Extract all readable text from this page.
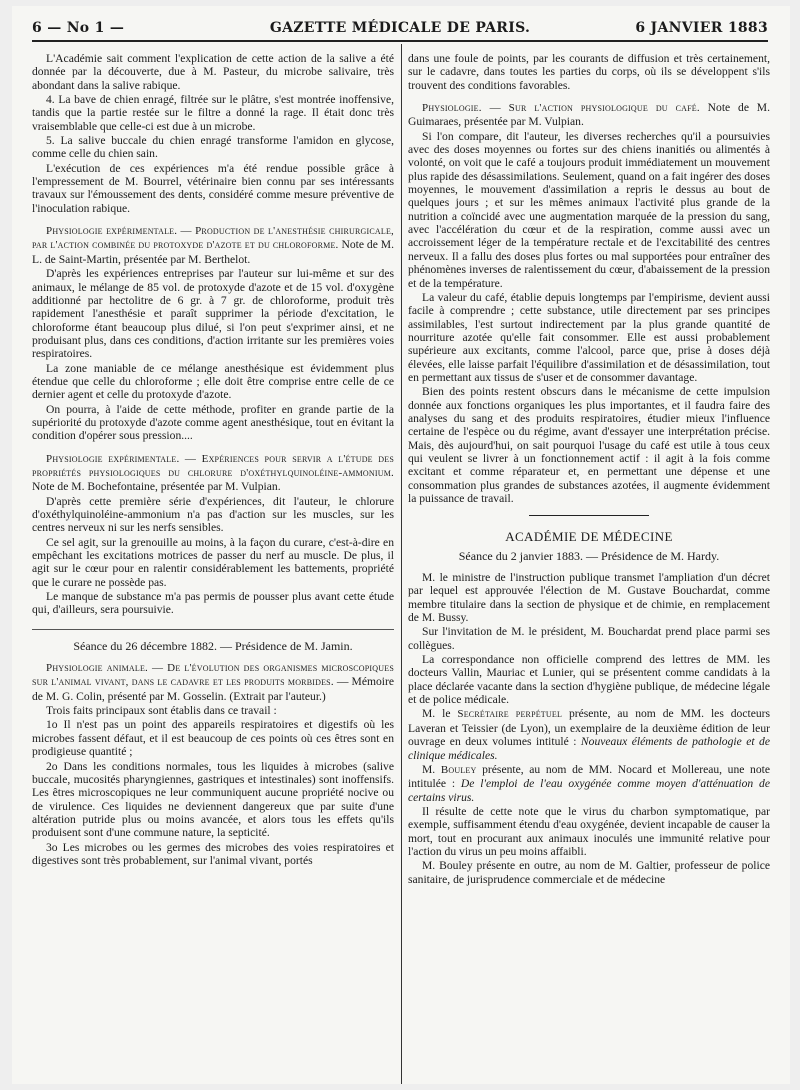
6 — No 1 —	GAZETTE MÉDICALE DE PARIS.	6 JANVIER 1883

L'Académie sait comment l'explication de cette action de la salive a été donnée par la découverte, due à M. Pasteur, du microbe salivaire, très abondant dans la salive rabique.

4. La bave de chien enragé, filtrée sur le plâtre, s'est montrée inoffensive, tandis que la partie restée sur le filtre a donné la rage. Il était donc très vraisemblable que celle-ci est due à un microbe.

5. La salive buccale du chien enragé transforme l'amidon en glycose, comme celle du chien sain.

L'exécution de ces expériences m'a été rendue possible grâce à l'empressement de M. Bourrel, vétérinaire bien connu par ses intéressants travaux sur l'émoussement des dents, considéré comme mesure préventive de l'inoculation rabique.

Physiologie expérimentale. — Production de l'anesthésie chirurgicale, par l'action combinée du protoxyde d'azote et du chloroforme. Note de M. L. de Saint-Martin, présentée par M. Berthelot.

D'après les expériences entreprises par l'auteur sur lui-même et sur des animaux, le mélange de 85 vol. de protoxyde d'azote et de 15 vol. d'oxygène additionné par hectolitre de 6 gr. à 7 gr. de chloroforme, produit très rapidement l'anesthésie et paraît supprimer la période d'excitation, le chloroforme étant beaucoup plus dilué, si l'on peut s'exprimer ainsi, et ne produisant plus, dans ces conditions, d'action irritante sur les premières voies respiratoires.

La zone maniable de ce mélange anesthésique est évidemment plus étendue que celle du chloroforme ; elle doit être comprise entre celle de ce dernier agent et celle du protoxyde d'azote.

On pourra, à l'aide de cette méthode, profiter en grande partie de la supériorité du protoxyde d'azote comme agent anesthésique, tout en évitant la condition d'opérer sous pression....

Physiologie expérimentale. — Expériences pour servir a l'étude des propriétés physiologiques du chlorure d'oxéthylquinoléine-ammonium. Note de M. Bochefontaine, présentée par M. Vulpian.

D'après cette première série d'expériences, dit l'auteur, le chlorure d'oxéthylquinoléine-ammonium n'a pas d'action sur les muscles, sur les centres nerveux ni sur les nerfs sensibles.

Ce sel agit, sur la grenouille au moins, à la façon du curare, c'est-à-dire en empêchant les excitations motrices de passer du nerf au muscle. De plus, il agit sur le cœur pour en ralentir considérablement les battements, propriété que le curare ne possède pas.

Le manque de substance m'a pas permis de pousser plus avant cette étude qui, d'ailleurs, sera poursuivie.

Séance du 26 décembre 1882. — Présidence de M. Jamin.

Physiologie animale. — De l'évolution des organismes microscopiques sur l'animal vivant, dans le cadavre et les produits morbides. — Mémoire de M. G. Colin, présenté par M. Gosselin. (Extrait par l'auteur.)

Trois faits principaux sont établis dans ce travail :

1o Il n'est pas un point des appareils respiratoires et digestifs où les microbes fassent défaut, et il est beaucoup de ces points où ces êtres sont en prodigieuse quantité ;

2o Dans les conditions normales, tous les liquides à microbes (salive buccale, mucosités pharyngiennes, gastriques et intestinales) sont inoffensifs. Les êtres microscopiques ne leur communiquent aucune propriété nocive ou de virulence. Ces liquides ne deviennent dangereux que par suite d'une altération putride plus ou moins avancée, et alors tous les effets qu'ils produisent sont d'une commune nature, la septicité.

3o Les microbes ou les germes des microbes des voies respiratoires et digestives sont très probablement, sur l'animal vivant, portés

dans une foule de points, par les courants de diffusion et très certainement, sur le cadavre, dans toutes les parties du corps, où ils se développent s'ils trouvent des conditions favorables.

Physiologie. — Sur l'action physiologique du café. Note de M. Guimaraes, présentée par M. Vulpian.

Si l'on compare, dit l'auteur, les diverses recherches qu'il a poursuivies avec des doses moyennes ou fortes sur des chiens inanitiés ou alimentés à volonté, on voit que le café a toujours produit immédiatement un mouvement plus rapide des désassimilations. Seulement, quand on a fait ingérer des doses moyennes, le mouvement d'assimilation a repris le dessus au bout de quelques jours ; et sur les mêmes animaux l'activité plus grande de la nutrition a coïncidé avec une augmentation marquée de la pression du sang, avec l'accélération du cœur et de la respiration, comme aussi avec un accroissement léger de la température rectale et de l'excitabilité des centres nerveux. Il a fallu des doses plus fortes ou mal supportées pour entraîner des phénomènes inverses de ralentissement du cœur, d'abaissement de la pression et de la température.

La valeur du café, établie depuis longtemps par l'empirisme, devient aussi facile à comprendre ; cette substance, utile directement par ses principes assimilables, l'est surtout indirectement par la plus grande quantité de nourriture azotée qu'elle fait consommer. Elle est aussi probablement supérieure aux excitants, comme l'alcool, parce que, prise à doses déjà élevées, elle laisse parfait l'équilibre d'assimilation et de désassimilation, tout en permettant aux tissus de s'user et de consommer davantage.

Bien des points restent obscurs dans le mécanisme de cette impulsion donnée aux fonctions organiques les plus importantes, et il faudra faire des analyses du sang et des produits respiratoires, étudier mieux l'influence certaine de l'espèce ou du régime, avant d'essayer une interprétation précise. Mais, dès aujourd'hui, on sait pourquoi l'usage du café est utile à tous ceux qui veulent se livrer à un fonctionnement actif : il agit à la fois comme excitant et comme réparateur et, en permettant une dépense et une consommation plus grandes de substances azotées, il augmente évidemment la puissance de travail.

ACADÉMIE DE MÉDECINE
Séance du 2 janvier 1883. — Présidence de M. Hardy.

M. le ministre de l'instruction publique transmet l'ampliation d'un décret par lequel est approuvée l'élection de M. Gustave Bouchardat, comme membre titulaire dans la section de physique et de chimie, en remplacement de M. Bussy.

Sur l'invitation de M. le président, M. Bouchardat prend place parmi ses collègues.

La correspondance non officielle comprend des lettres de MM. les docteurs Vallin, Mauriac et Lunier, qui se présentent comme candidats à la place déclarée vacante dans la section d'hygiène publique, de médecine légale et de police médicale.

M. le Secrétaire perpétuel présente, au nom de MM. les docteurs Laveran et Teissier (de Lyon), un exemplaire de la deuxième édition de leur ouvrage en deux volumes intitulé : Nouveaux éléments de pathologie et de clinique médicales.

M. Bouley présente, au nom de MM. Nocard et Mollereau, une note intitulée : De l'emploi de l'eau oxygénée comme moyen d'atténuation de certains virus.

Il résulte de cette note que le virus du charbon symptomatique, par exemple, suffisamment étendu d'eau oxygénée, devient incapable de causer la mort, tout en procurant aux animaux inoculés une immunité relative pour l'action du virus un peu moins affaibli.

M. Bouley présente en outre, au nom de M. Galtier, professeur de police sanitaire, de jurisprudence commerciale et de médecine
